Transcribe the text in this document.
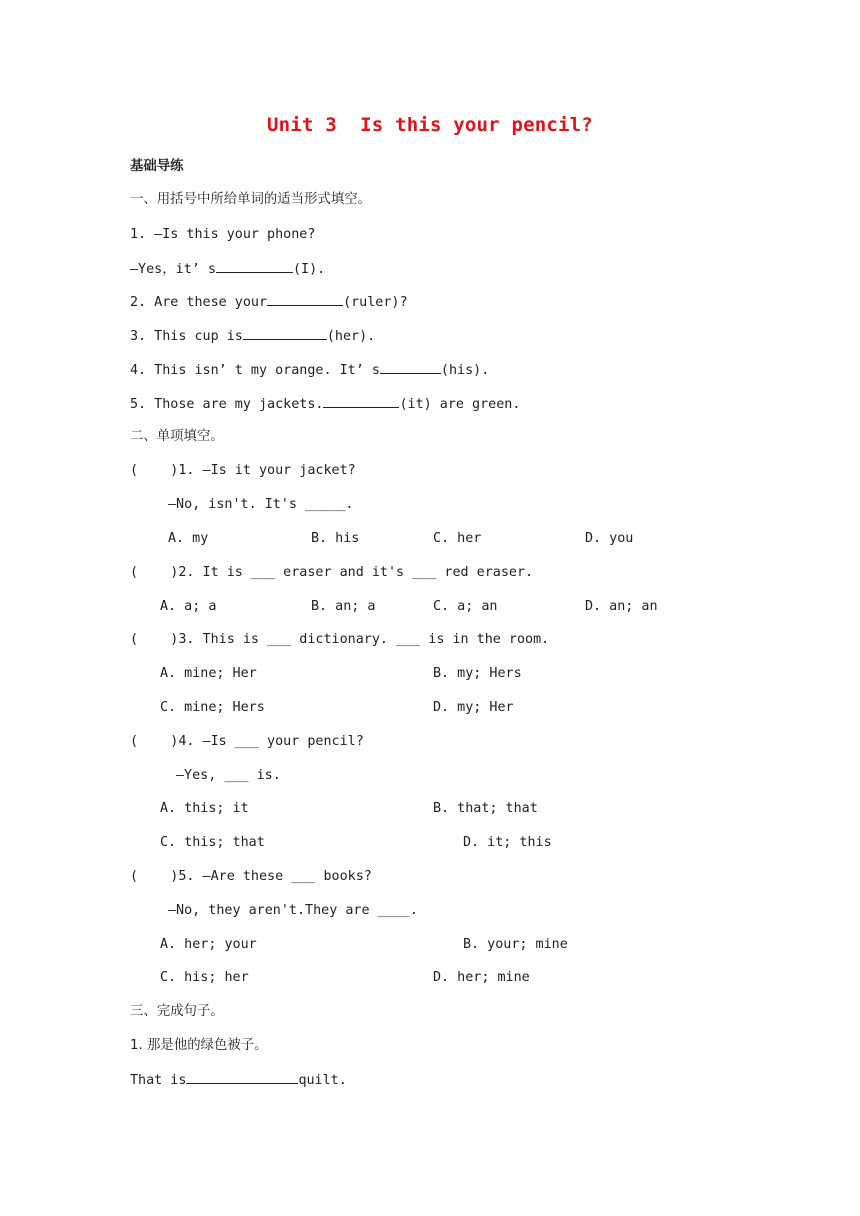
Unit 3  Is this your pencil?
基础导练
一、用括号中所给单词的适当形式填空。
1. —Is this your phone?
—Yes，it’ s	(I).
2. Are these your	(ruler)?
3. This cup is	(her).
4. This isn’ t my orange. It’ s	(his).
5. Those are my jackets.	(it) are green.
二、单项填空。
(    )1. —Is it your jacket?
—No, isn't. It's _____.
A. my	B. his	C. her	D. you
(    )2. It is ___ eraser and it's ___ red eraser.
A. a; a	B. an; a	C. a; an	D. an; an
(    )3. This is ___ dictionary. ___ is in the room.
A. mine; Her	B. my; Hers
C. mine; Hers	D. my; Her
(    )4. —Is ___ your pencil?
—Yes, ___ is.
A. this; it	B. that; that
C. this; that	D. it; this
(    )5. —Are these ___ books?
—No, they aren't.They are ____.
A. her; your	B. your; mine
C. his; her	D. her; mine
三、完成句子。
1. 那是他的绿色被子。
That is	quilt.
